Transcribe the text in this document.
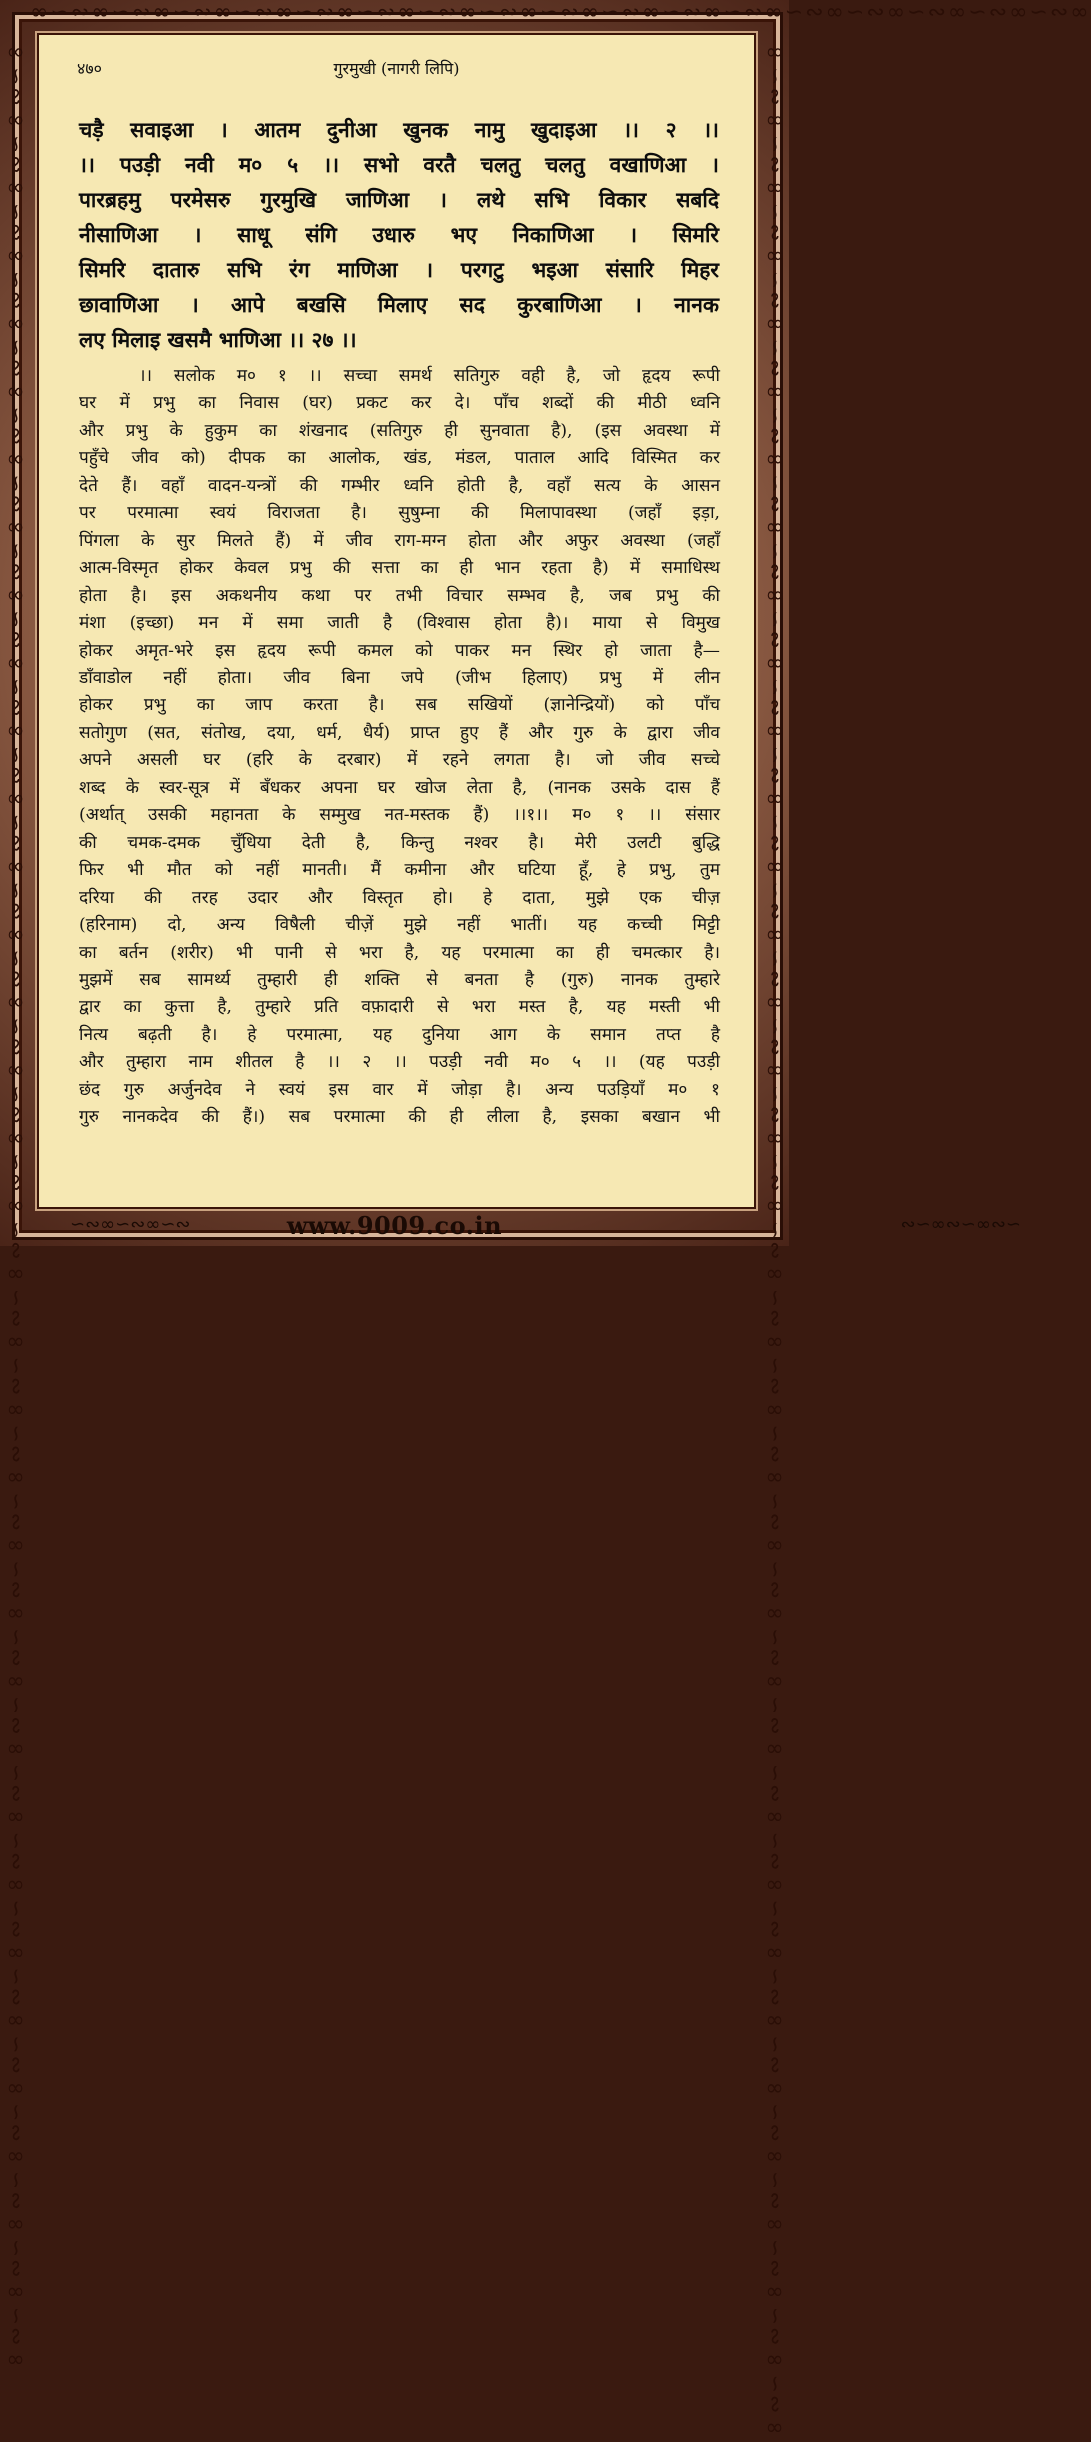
∞∽∾∞∽∾∞∽∾∞∽∾∞∽∾∞∽∾∞∽∾∞∽∾∞∽∾∞∽∾∞∽∾∞∽∾∞∽∾∞∽∾∞∽∾∞∽∾∞∽∾∞
∞∽∾∞∽∾∞∽∾∞∽∾∞∽∾∞∽∾∞∽∾∞∽∾∞∽∾∞∽∾∞∽∾∞∽∾∞∽∾∞∽∾∞∽∾∞∽∾∞∽∾∞∽∾∞∽∾∞∽∾∞∽∾∞∽∾∞∽∾∞∽∾∞∽∾∞∽∾∞∽∾∞∽∾∞∽∾∞∽∾∞∽∾∞∽∾∞∽∾∞∽∾∞	∞∽∾∞∽∾∞∽∾∞∽∾∞∽∾∞∽∾∞∽∾∞∽∾∞∽∾∞∽∾∞∽∾∞∽∾∞∽∾∞∽∾∞∽∾∞∽∾∞∽∾∞∽∾∞∽∾∞∽∾∞∽∾∞∽∾∞∽∾∞∽∾∞∽∾∞∽∾∞∽∾∞∽∾∞∽∾∞∽∾∞∽∾∞∽∾∞∽∾∞∽∾∞∽∾∞
४७०	गुरमुखी (नागरी लिपि)
चड़ै सवाइआ । आतम दुनीआ खुनक नामु खुदाइआ ।। २ ।।
।। पउड़ी नवी म० ५ ।। सभो वरतै चलतु चलतु वखाणिआ ।
पारब्रहमु परमेसरु गुरमुखि जाणिआ । लथे सभि विकार सबदि
नीसाणिआ । साधू संगि उधारु भए निकाणिआ । सिमरि
सिमरि दातारु सभि रंग माणिआ । परगटु भइआ संसारि मिहर
छावाणिआ । आपे बखसि मिलाए सद कुरबाणिआ । नानक
लए मिलाइ खसमै भाणिआ ।। २७ ।।
।। सलोक म० १ ।। सच्चा समर्थ सतिगुरु वही है, जो हृदय रूपी
घर में प्रभु का निवास (घर) प्रकट कर दे। पाँच शब्दों की मीठी ध्वनि
और प्रभु के हुकुम का शंखनाद (सतिगुरु ही सुनवाता है), (इस अवस्था में
पहुँचे जीव को) दीपक का आलोक, खंड, मंडल, पाताल आदि विस्मित कर
देते हैं। वहाँ वादन-यन्त्रों की गम्भीर ध्वनि होती है, वहाँ सत्य के आसन
पर परमात्मा स्वयं विराजता है। सुषुम्ना की मिलापावस्था (जहाँ इड़ा,
पिंगला के सुर मिलते हैं) में जीव राग-मग्न होता और अफुर अवस्था (जहाँ
आत्म-विस्मृत होकर केवल प्रभु की सत्ता का ही भान रहता है) में समाधिस्थ
होता है। इस अकथनीय कथा पर तभी विचार सम्भव है, जब प्रभु की
मंशा (इच्छा) मन में समा जाती है (विश्वास होता है)। माया से विमुख
होकर अमृत-भरे इस हृदय रूपी कमल को पाकर मन स्थिर हो जाता है—
डाँवाडोल नहीं होता। जीव बिना जपे (जीभ हिलाए) प्रभु में लीन
होकर प्रभु का जाप करता है। सब सखियों (ज्ञानेन्द्रियों) को पाँच
सतोगुण (सत, संतोख, दया, धर्म, धैर्य) प्राप्त हुए हैं और गुरु के द्वारा जीव
अपने असली घर (हरि के दरबार) में रहने लगता है। जो जीव सच्चे
शब्द के स्वर-सूत्र में बँधकर अपना घर खोज लेता है, (नानक उसके दास हैं
(अर्थात् उसकी महानता के सम्मुख नत-मस्तक हैं) ।।१।। म० १ ।। संसार
की चमक-दमक चुँधिया देती है, किन्तु नश्वर है। मेरी उलटी बुद्धि
फिर भी मौत को नहीं मानती। मैं कमीना और घटिया हूँ, हे प्रभु, तुम
दरिया की तरह उदार और विस्तृत हो। हे दाता, मुझे एक चीज़
(हरिनाम) दो, अन्य विषैली चीज़ें मुझे नहीं भातीं। यह कच्ची मिट्टी
का बर्तन (शरीर) भी पानी से भरा है, यह परमात्मा का ही चमत्कार है।
मुझमें सब सामर्थ्य तुम्हारी ही शक्ति से बनता है (गुरु) नानक तुम्हारे
द्वार का कुत्ता है, तुम्हारे प्रति वफ़ादारी से भरा मस्त है, यह मस्ती भी
नित्य बढ़ती है। हे परमात्मा, यह दुनिया आग के समान तप्त है
और तुम्हारा नाम शीतल है ।। २ ।। पउड़ी नवी म० ५ ।। (यह पउड़ी
छंद गुरु अर्जुनदेव ने स्वयं इस वार में जोड़ा है। अन्य पउड़ियाँ म० १
गुरु नानकदेव की हैं।) सब परमात्मा की ही लीला है, इसका बखान भी
∽∾∞∽∾∞∽∾	www.9009.co.in	∾∽∞∾∽∞∾∽
